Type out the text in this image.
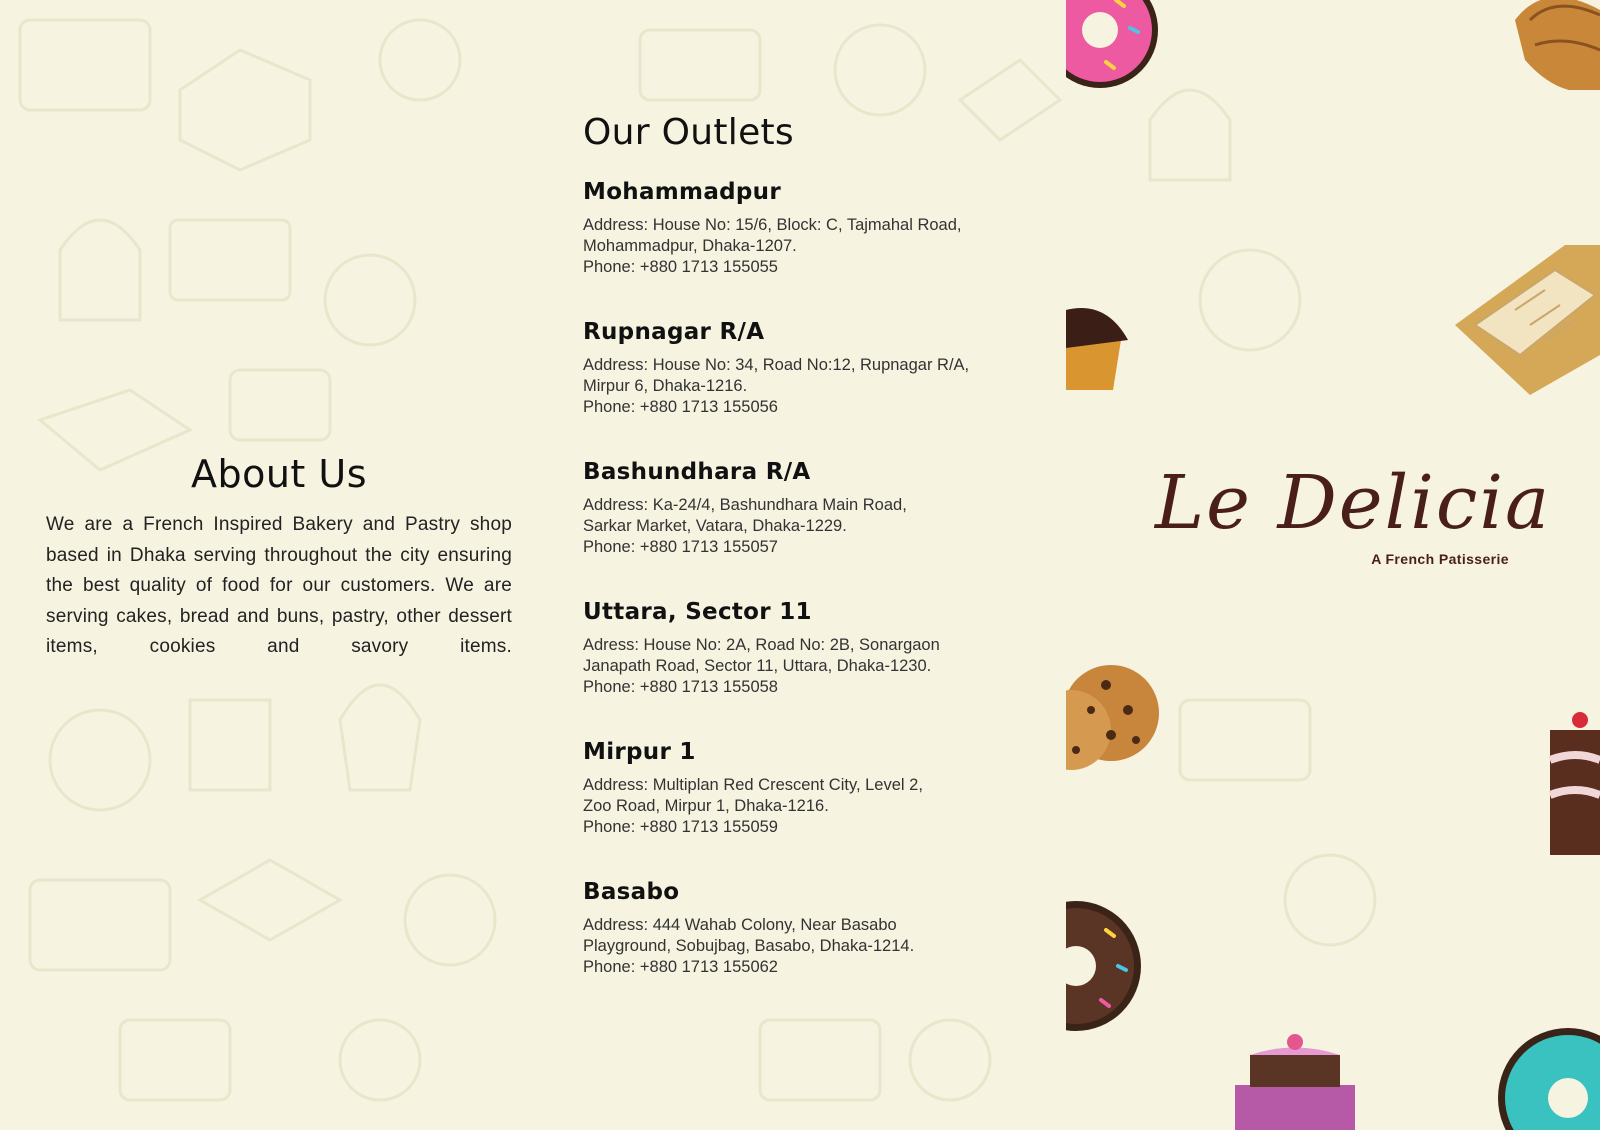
About Us

We are a French Inspired Bakery and Pastry shop based in Dhaka serving throughout the city ensuring the best quality of food for our customers. We are serving cakes, bread and buns, pastry, other dessert items, cookies and savory items.

Our Outlets
Mohammadpur
Address: House No: 15/6, Block: C, Tajmahal Road,
Mohammadpur, Dhaka-1207.
Phone: +880 1713 155055
Rupnagar R/A
Address: House No: 34, Road No:12, Rupnagar R/A,
Mirpur 6, Dhaka-1216.
Phone: +880 1713 155056
Bashundhara R/A
Address: Ka-24/4, Bashundhara Main Road,
Sarkar Market, Vatara, Dhaka-1229.
Phone: +880 1713 155057
Uttara, Sector 11
Adress: House No: 2A, Road No: 2B, Sonargaon
Janapath Road, Sector 11, Uttara, Dhaka-1230.
Phone: +880 1713 155058
Mirpur 1
Address: Multiplan Red Crescent City, Level 2,
Zoo Road, Mirpur 1, Dhaka-1216.
Phone: +880 1713 155059
Basabo
Address: 444 Wahab Colony, Near Basabo
Playground, Sobujbag, Basabo, Dhaka-1214.
Phone: +880 1713 155062
Le Delicia
A French Patisserie
